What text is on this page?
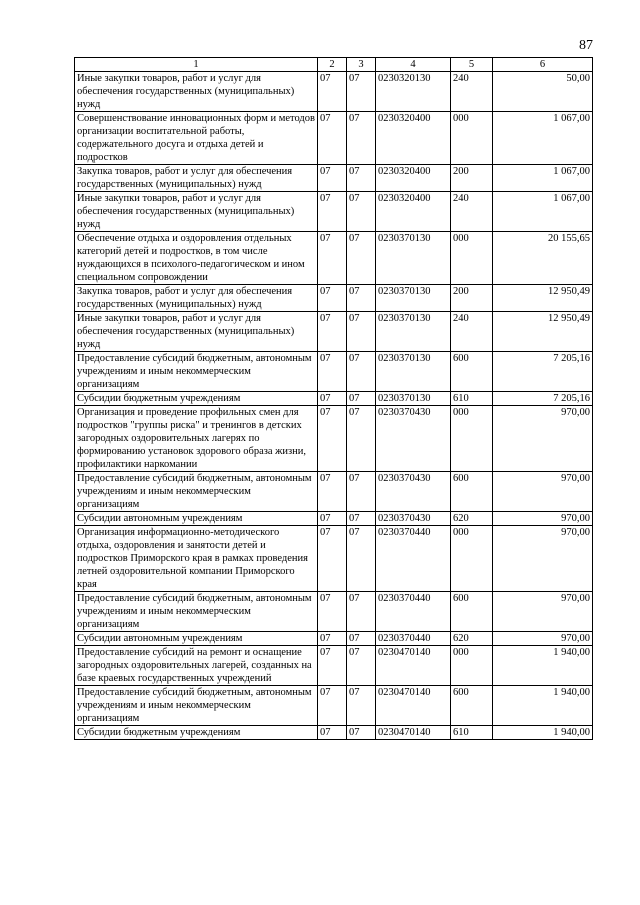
87
1	2	3	4	5	6
Иные закупки товаров, работ и услуг для обеспечения государственных (муниципальных) нужд	07	07	0230320130	240	50,00
Совершенствование инновационных форм и методов организации воспитательной работы, содержательного досуга и отдыха детей и подростков	07	07	0230320400	000	1 067,00
Закупка товаров, работ и услуг для обеспечения государственных (муниципальных) нужд	07	07	0230320400	200	1 067,00
Иные закупки товаров, работ и услуг для обеспечения государственных (муниципальных) нужд	07	07	0230320400	240	1 067,00
Обеспечение отдыха и оздоровления отдельных категорий детей и подростков, в том числе нуждающихся в психолого-педагогическом и ином специальном сопровождении	07	07	0230370130	000	20 155,65
Закупка товаров, работ и услуг для обеспечения государственных (муниципальных) нужд	07	07	0230370130	200	12 950,49
Иные закупки товаров, работ и услуг для обеспечения государственных (муниципальных) нужд	07	07	0230370130	240	12 950,49
Предоставление субсидий бюджетным, автономным учреждениям и иным некоммерческим организациям	07	07	0230370130	600	7 205,16
Субсидии бюджетным учреждениям	07	07	0230370130	610	7 205,16
Организация и проведение профильных смен для подростков "группы риска" и тренингов в детских загородных оздоровительных лагерях по формированию установок здорового образа жизни, профилактики наркомании	07	07	0230370430	000	970,00
Предоставление субсидий бюджетным, автономным учреждениям и иным некоммерческим организациям	07	07	0230370430	600	970,00
Субсидии автономным учреждениям	07	07	0230370430	620	970,00
Организация информационно-методического отдыха, оздоровления и занятости детей и подростков Приморского края в рамках проведения летней оздоровительной компании Приморского края	07	07	0230370440	000	970,00
Предоставление субсидий бюджетным, автономным учреждениям и иным некоммерческим организациям	07	07	0230370440	600	970,00
Субсидии автономным учреждениям	07	07	0230370440	620	970,00
Предоставление субсидий на ремонт и оснащение загородных оздоровительных лагерей, созданных на базе краевых государственных учреждений	07	07	0230470140	000	1 940,00
Предоставление субсидий бюджетным, автономным учреждениям и иным некоммерческим организациям	07	07	0230470140	600	1 940,00
Субсидии бюджетным учреждениям	07	07	0230470140	610	1 940,00
